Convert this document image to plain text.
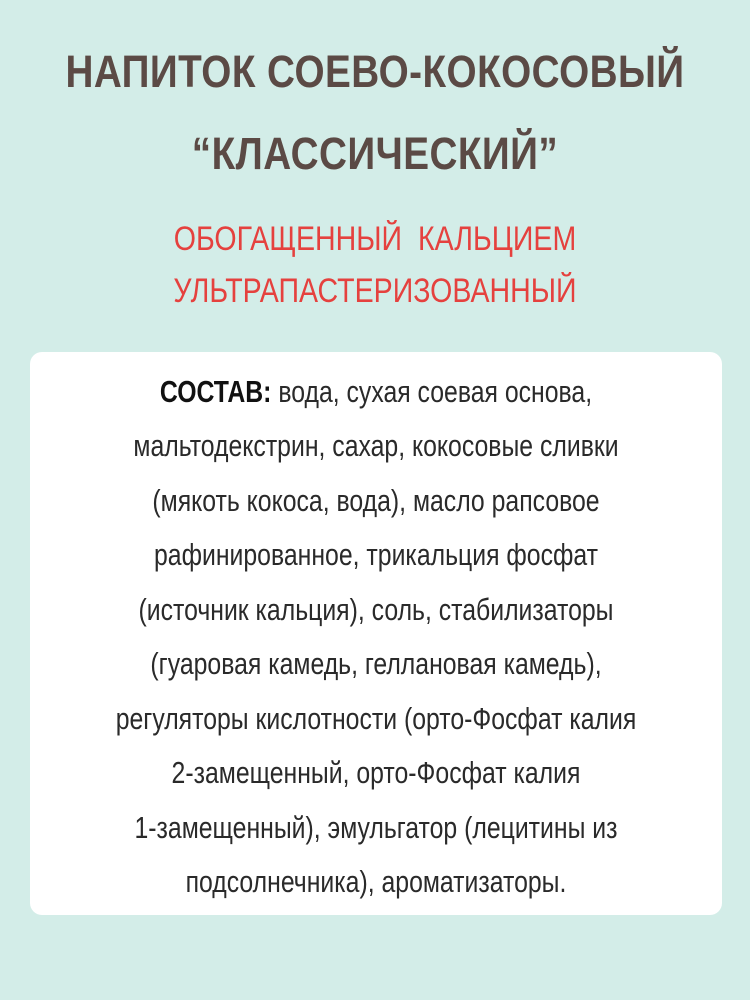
НАПИТОК СОЕВО-КОКОСОВЫЙ
“КЛАССИЧЕСКИЙ”
ОБОГАЩЕННЫЙ  КАЛЬЦИЕМ
УЛЬТРАПАСТЕРИЗОВАННЫЙ
СОСТАВ: вода, сухая соевая основа,
мальтодекстрин, сахар, кокосовые сливки
(мякоть кокоса, вода), масло рапсовое
рафинированное, трикальция фосфат
(источник кальция), соль, стабилизаторы
(гуаровая камедь, геллановая камедь),
регуляторы кислотности (орто-Фосфат калия
2-замещенный, орто-Фосфат калия
1-замещенный), эмульгатор (лецитины из
подсолнечника), ароматизаторы.
